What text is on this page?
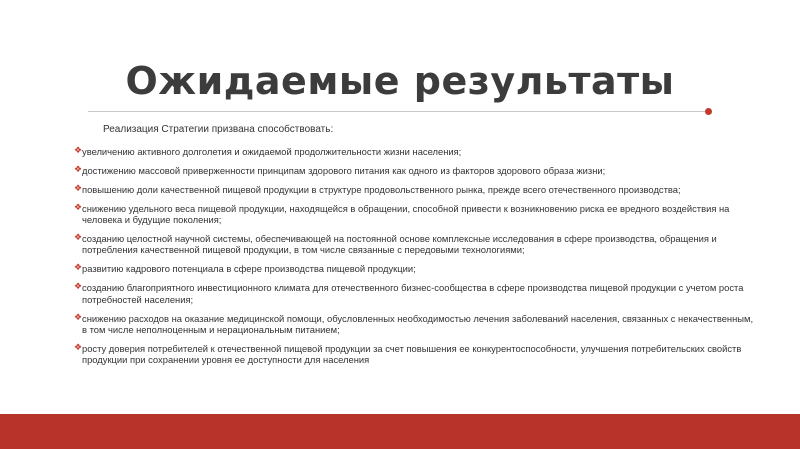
Ожидаемые результаты
Реализация Стратегии призвана способствовать:
❖ увеличению активного долголетия и ожидаемой продолжительности жизни населения;
❖ достижению массовой приверженности принципам здорового питания как одного из факторов здорового образа жизни;
❖ повышению доли качественной пищевой продукции в структуре продовольственного рынка, прежде всего отечественного производства;
❖ снижению удельного веса пищевой продукции, находящейся в обращении, способной привести к возникновению риска ее вредного воздействия на человека и будущие поколения;
❖ созданию целостной научной системы, обеспечивающей на постоянной основе комплексные исследования в сфере производства, обращения и потребления качественной пищевой продукции, в том числе связанные с передовыми технологиями;
❖ развитию кадрового потенциала в сфере производства пищевой продукции;
❖ созданию благоприятного инвестиционного климата для отечественного бизнес-сообщества в сфере производства пищевой продукции с учетом роста потребностей населения;
❖ снижению расходов на оказание медицинской помощи, обусловленных необходимостью лечения заболеваний населения, связанных с некачественным, в том числе неполноценным и нерациональным питанием;
❖ росту доверия потребителей к отечественной пищевой продукции за счет повышения ее конкурентоспособности, улучшения потребительских свойств продукции при сохранении уровня ее доступности для населения
